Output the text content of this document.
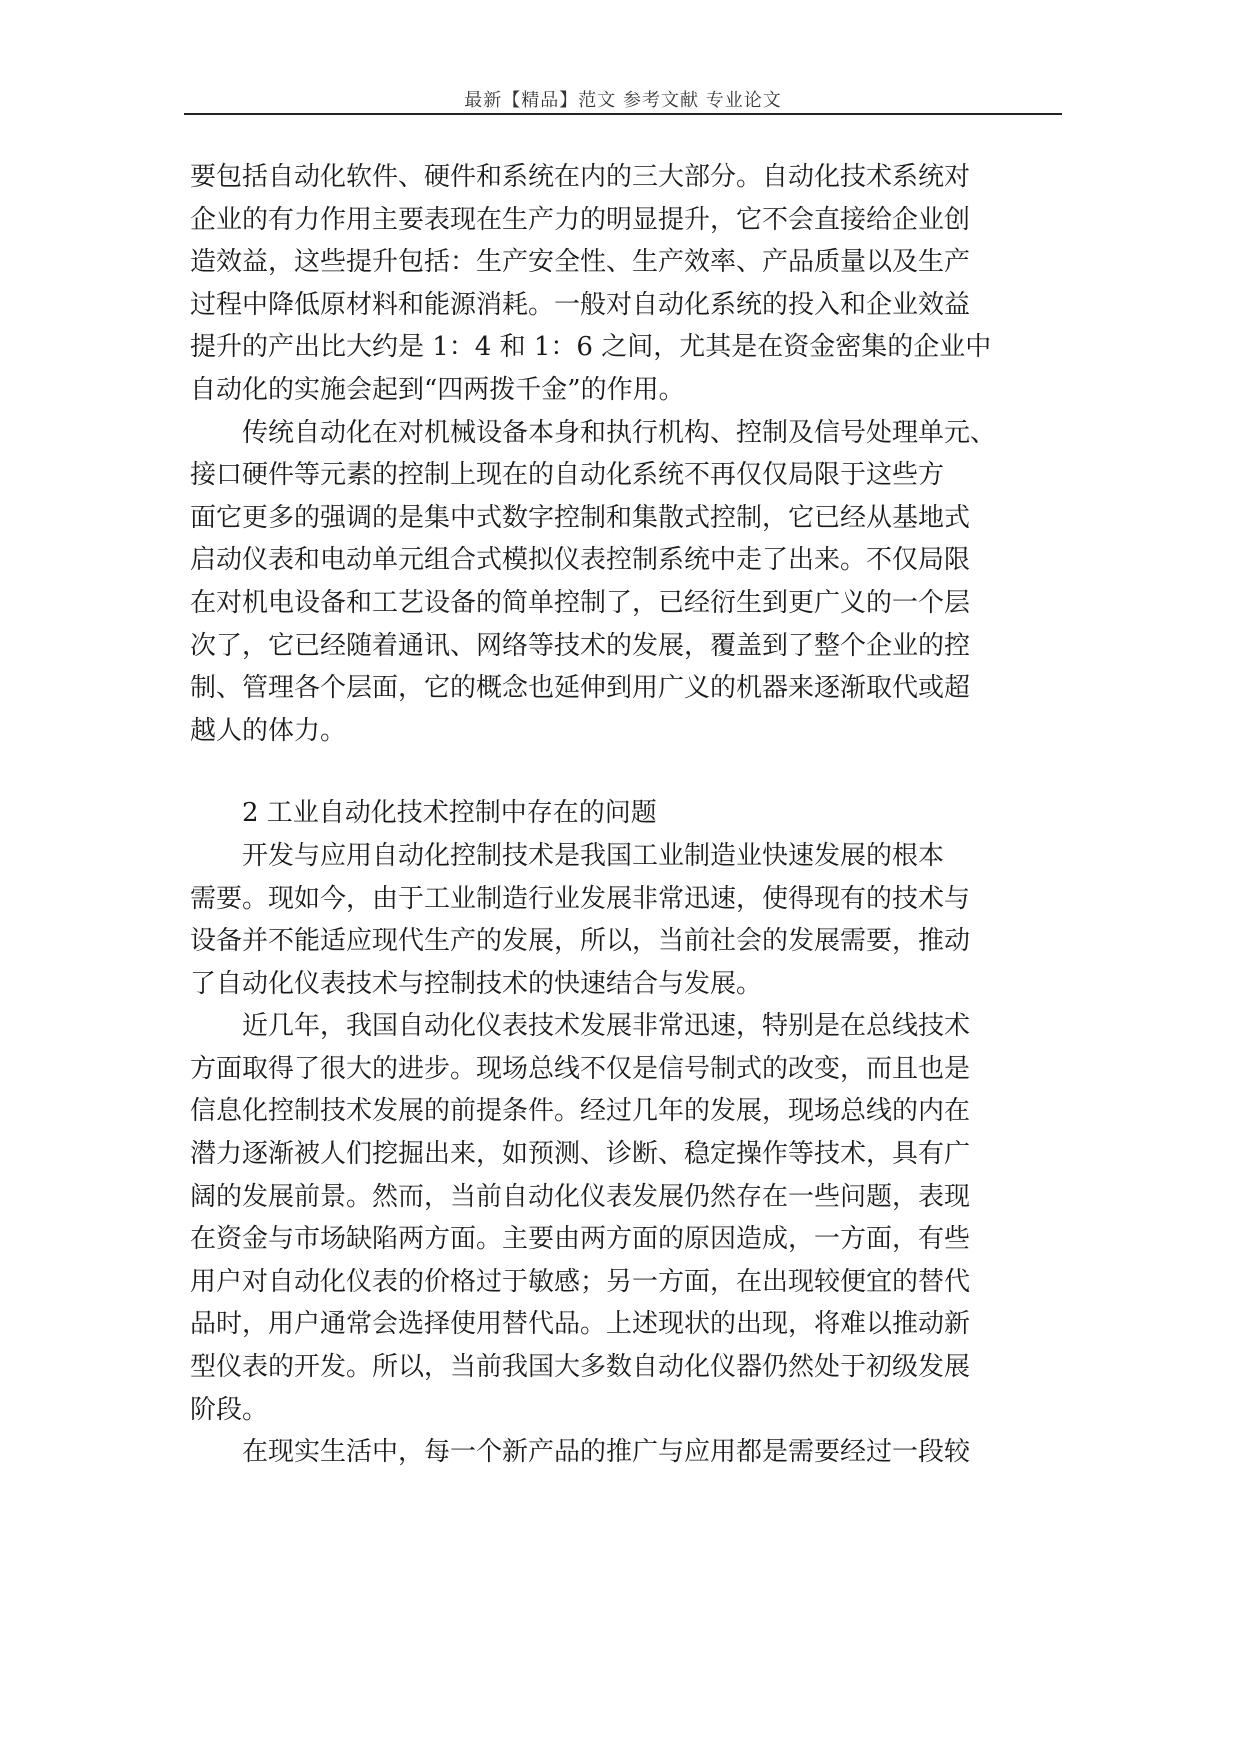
最新【精品】范文 参考文献 专业论文
要包括自动化软件、硬件和系统在内的三大部分。自动化技术系统对
企业的有力作用主要表现在生产力的明显提升，它不会直接给企业创
造效益，这些提升包括：生产安全性、生产效率、产品质量以及生产
过程中降低原材料和能源消耗。一般对自动化系统的投入和企业效益
提升的产出比大约是 1：4 和 1：6 之间，尤其是在资金密集的企业中
自动化的实施会起到“四两拨千金”的作用。
传统自动化在对机械设备本身和执行机构、控制及信号处理单元、
接口硬件等元素的控制上现在的自动化系统不再仅仅局限于这些方
面它更多的强调的是集中式数字控制和集散式控制，它已经从基地式
启动仪表和电动单元组合式模拟仪表控制系统中走了出来。不仅局限
在对机电设备和工艺设备的简单控制了，已经衍生到更广义的一个层
次了，它已经随着通讯、网络等技术的发展，覆盖到了整个企业的控
制、管理各个层面，它的概念也延伸到用广义的机器来逐渐取代或超
越人的体力。
2 工业自动化技术控制中存在的问题
开发与应用自动化控制技术是我国工业制造业快速发展的根本
需要。现如今，由于工业制造行业发展非常迅速，使得现有的技术与
设备并不能适应现代生产的发展，所以，当前社会的发展需要，推动
了自动化仪表技术与控制技术的快速结合与发展。
近几年，我国自动化仪表技术发展非常迅速，特别是在总线技术
方面取得了很大的进步。现场总线不仅是信号制式的改变，而且也是
信息化控制技术发展的前提条件。经过几年的发展，现场总线的内在
潜力逐渐被人们挖掘出来，如预测、诊断、稳定操作等技术，具有广
阔的发展前景。然而，当前自动化仪表发展仍然存在一些问题，表现
在资金与市场缺陷两方面。主要由两方面的原因造成，一方面，有些
用户对自动化仪表的价格过于敏感；另一方面，在出现较便宜的替代
品时，用户通常会选择使用替代品。上述现状的出现，将难以推动新
型仪表的开发。所以，当前我国大多数自动化仪器仍然处于初级发展
阶段。
在现实生活中，每一个新产品的推广与应用都是需要经过一段较
